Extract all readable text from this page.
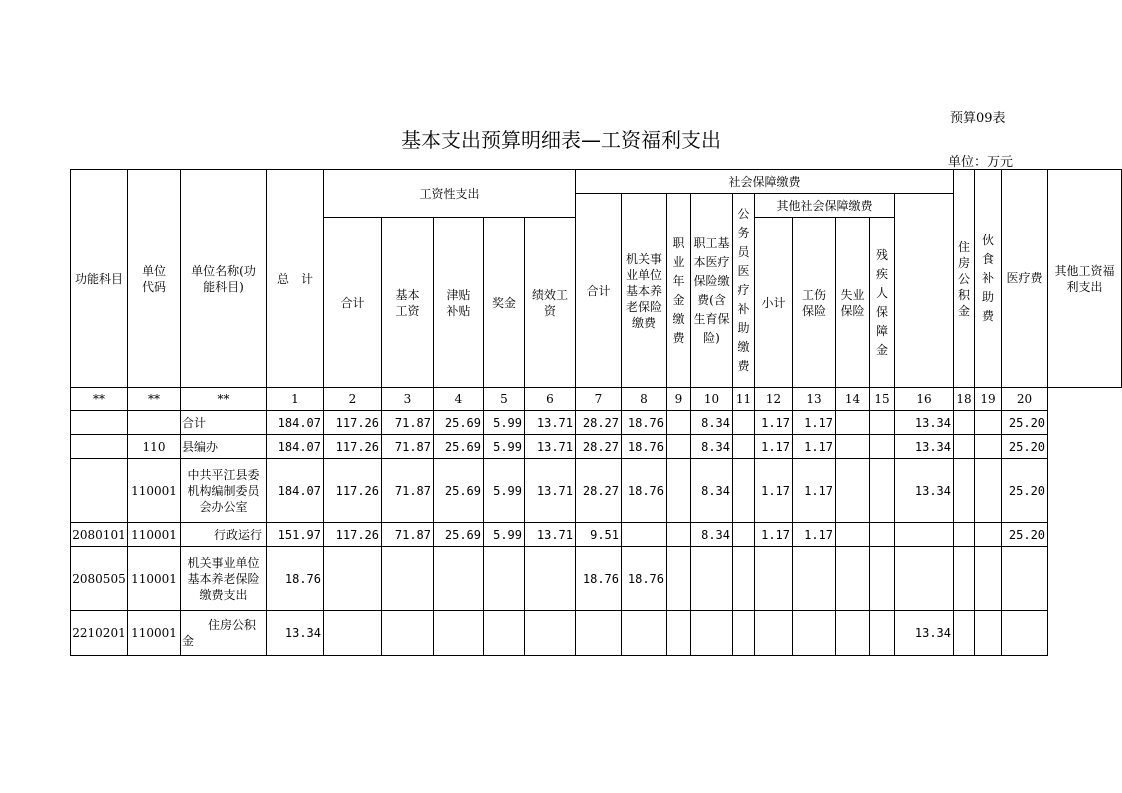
预算09表
基本支出预算明细表—工资福利支出
单位：万元
功能科目	单位代码	单位名称(功能科目)	总　计	工资性支出					社会保障缴费										住房公积金	伙食补助费	医疗费	其他工资福利支出
									合计	机关事业单位基本养老保险缴费	职业年金缴费	职工基本医疗保险缴费(含生育保险)	公务员医疗补助缴费	其他社会保障缴费								
				合计	基本工资	津贴补贴	奖金	绩效工资						小计	工伤保险	失业保险	残疾人保障金					
**	**	**	1	2	3	4	5	6	7	8	9	10	11	12	13	14	15	16	18	19	20	
		合计	184.07	117.26	71.87	25.69	5.99	13.71	28.27	18.76		8.34		1.17	1.17			13.34			25.20	
	110	县编办	184.07	117.26	71.87	25.69	5.99	13.71	28.27	18.76		8.34		1.17	1.17			13.34			25.20	
	110001	中共平江县委机构编制委员会办公室	184.07	117.26	71.87	25.69	5.99	13.71	28.27	18.76		8.34		1.17	1.17			13.34			25.20	
2080101	110001	行政运行	151.97	117.26	71.87	25.69	5.99	13.71	9.51			8.34		1.17	1.17						25.20	
2080505	110001	机关事业单位基本养老保险缴费支出	18.76						18.76	18.76												
2210201	110001	住房公积金	13.34															13.34				
